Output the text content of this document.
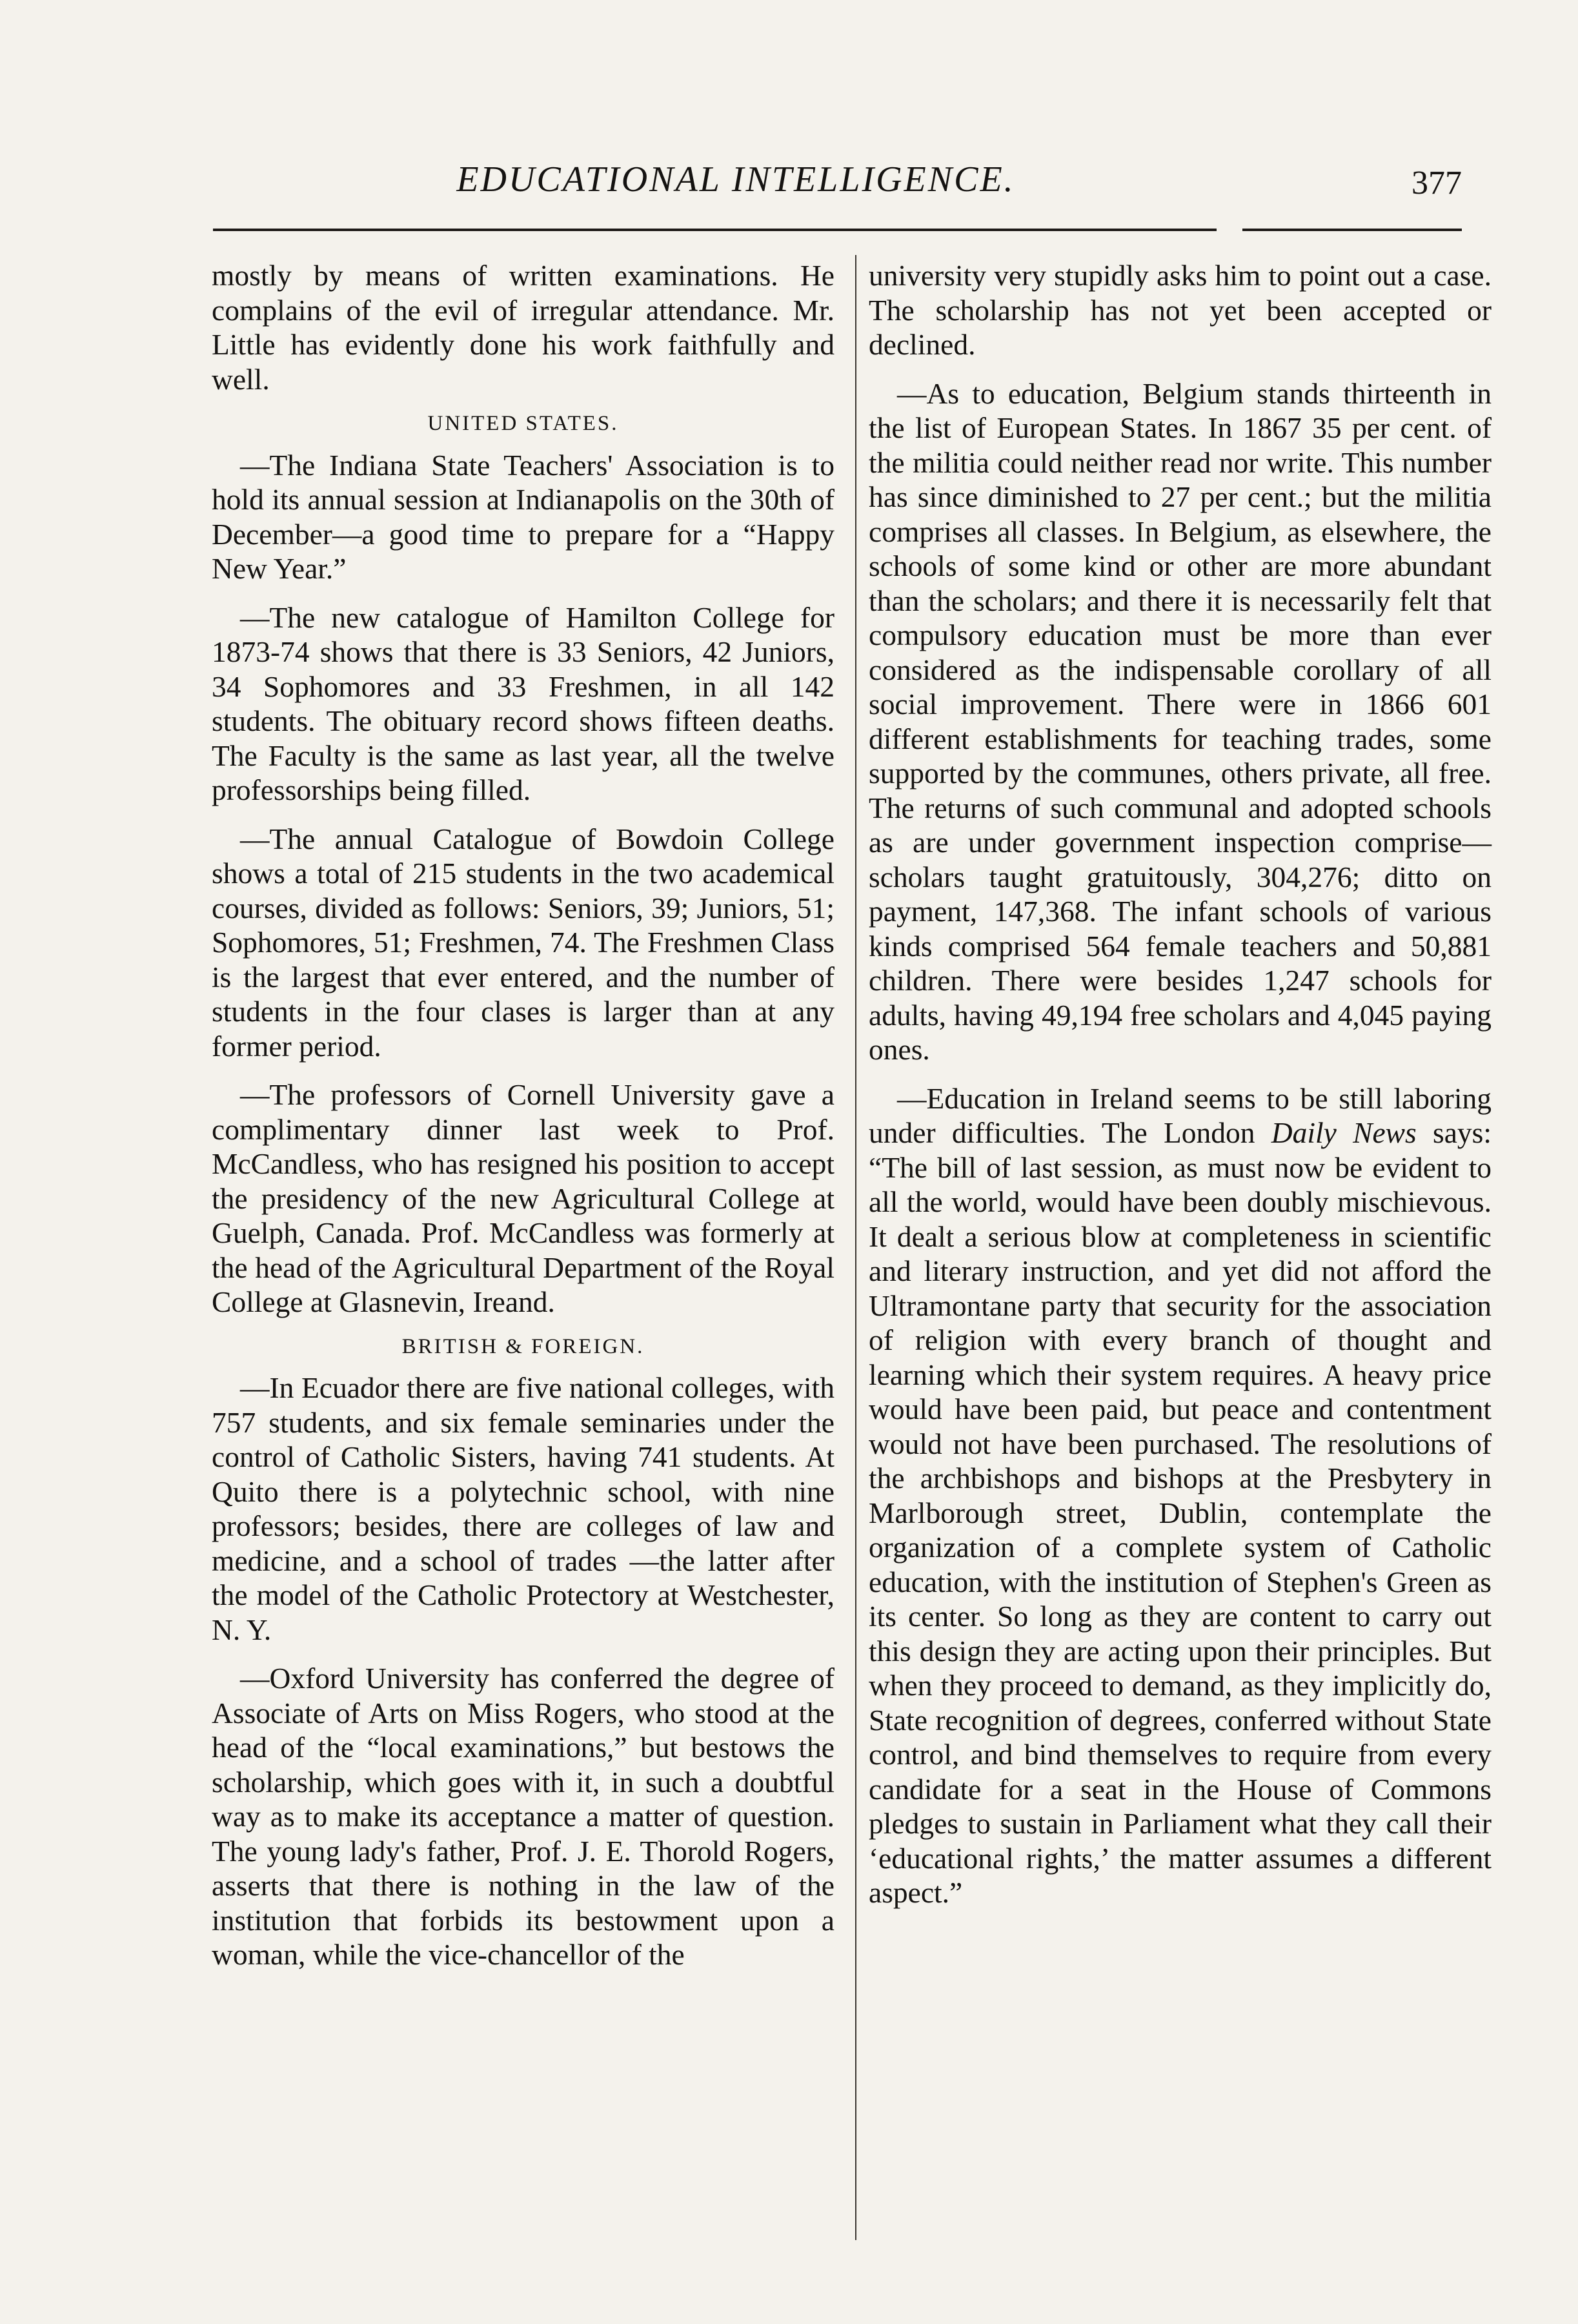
EDUCATIONAL INTELLIGENCE.	377

mostly by means of written examinations. He complains of the evil of irregular attendance. Mr. Little has evidently done his work faithfully and well.

UNITED STATES.

—The Indiana State Teachers' Association is to hold its annual session at Indianapolis on the 30th of December—a good time to prepare for a “Happy New Year.”

—The new catalogue of Hamilton College for 1873-74 shows that there is 33 Seniors, 42 Juniors, 34 Sophomores and 33 Freshmen, in all 142 students. The obituary record shows fifteen deaths. The Faculty is the same as last year, all the twelve professorships being filled.

—The annual Catalogue of Bowdoin College shows a total of 215 students in the two academical courses, divided as follows: Seniors, 39; Juniors, 51; Sophomores, 51; Freshmen, 74. The Freshmen Class is the largest that ever entered, and the number of students in the four clases is larger than at any former period.

—The professors of Cornell University gave a complimentary dinner last week to Prof. McCandless, who has resigned his position to accept the presidency of the new Agricultural College at Guelph, Canada. Prof. McCandless was formerly at the head of the Agricultural Department of the Royal College at Glasnevin, Ireand.

BRITISH & FOREIGN.

—In Ecuador there are five national colleges, with 757 students, and six female seminaries under the control of Catholic Sisters, having 741 students. At Quito there is a polytechnic school, with nine professors; besides, there are colleges of law and medicine, and a school of trades —the latter after the model of the Catholic Protectory at Westchester, N. Y.

—Oxford University has conferred the degree of Associate of Arts on Miss Rogers, who stood at the head of the “local examinations,” but bestows the scholarship, which goes with it, in such a doubtful way as to make its acceptance a matter of question. The young lady's father, Prof. J. E. Thorold Rogers, asserts that there is nothing in the law of the institution that forbids its bestowment upon a woman, while the vice-chancellor of the

university very stupidly asks him to point out a case. The scholarship has not yet been accepted or declined.

—As to education, Belgium stands thirteenth in the list of European States. In 1867 35 per cent. of the militia could neither read nor write. This number has since diminished to 27 per cent.; but the militia comprises all classes. In Belgium, as elsewhere, the schools of some kind or other are more abundant than the scholars; and there it is necessarily felt that compulsory education must be more than ever considered as the indispensable corollary of all social improvement. There were in 1866 601 different establishments for teaching trades, some supported by the communes, others private, all free. The returns of such communal and adopted schools as are under government inspection comprise—scholars taught gratuitously, 304,276; ditto on payment, 147,368. The infant schools of various kinds comprised 564 female teachers and 50,881 children. There were besides 1,247 schools for adults, having 49,194 free scholars and 4,045 paying ones.

—Education in Ireland seems to be still laboring under difficulties. The London Daily News says: “The bill of last session, as must now be evident to all the world, would have been doubly mischievous. It dealt a serious blow at completeness in scientific and literary instruction, and yet did not afford the Ultramontane party that security for the association of religion with every branch of thought and learning which their system requires. A heavy price would have been paid, but peace and contentment would not have been purchased. The resolutions of the archbishops and bishops at the Presbytery in Marlborough street, Dublin, contemplate the organization of a complete system of Catholic education, with the institution of Stephen's Green as its center. So long as they are content to carry out this design they are acting upon their principles. But when they proceed to demand, as they implicitly do, State recognition of degrees, conferred without State control, and bind themselves to require from every candidate for a seat in the House of Commons pledges to sustain in Parliament what they call their ‘educational rights,’ the matter assumes a different aspect.”
